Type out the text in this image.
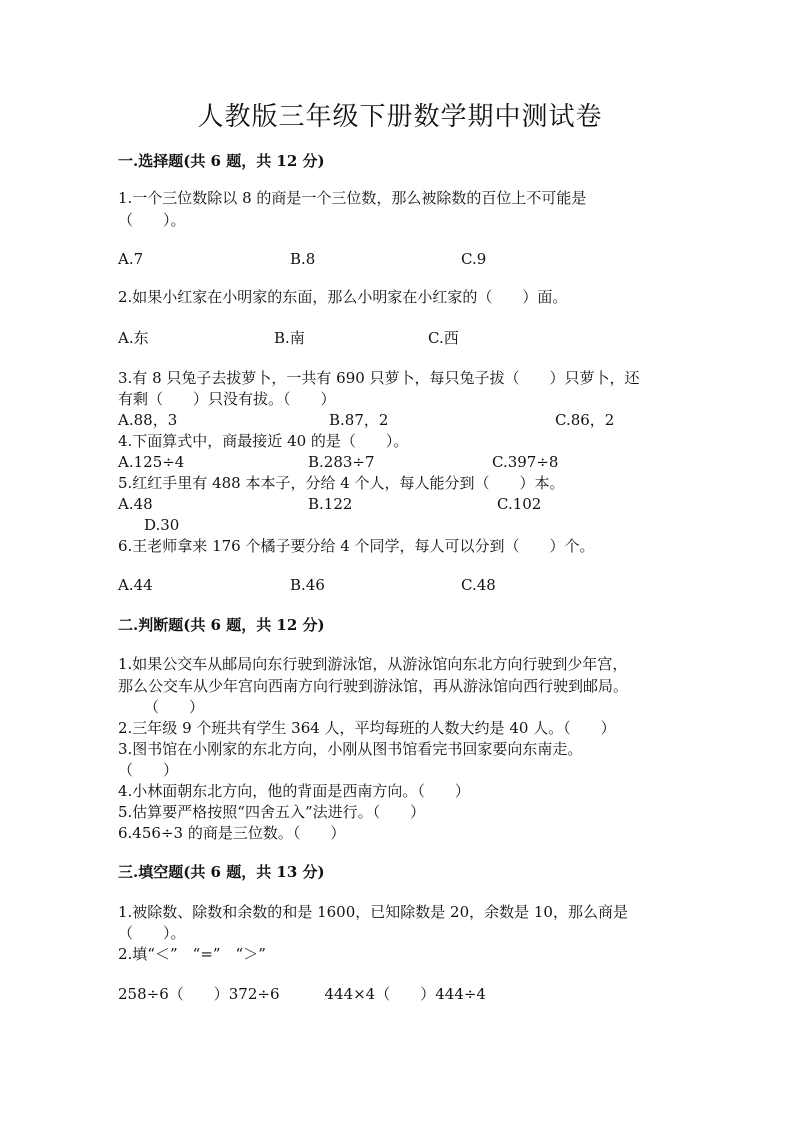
人教版三年级下册数学期中测试卷
一.选择题(共 6 题，共 12 分)
1.一个三位数除以 8 的商是一个三位数，那么被除数的百位上不可能是
（　　）。
A.7	B.8	C.9
2.如果小红家在小明家的东面，那么小明家在小红家的（　　）面。
A.东	B.南	C.西
3.有 8 只兔子去拔萝卜，一共有 690 只萝卜，每只兔子拔（　　）只萝卜，还
有剩（　　）只没有拔。（　　）
A.88，3	B.87，2	C.86，2
4.下面算式中，商最接近 40 的是（　　）。
A.125÷4	B.283÷7	C.397÷8
5.红红手里有 488 本本子，分给 4 个人，每人能分到（　　）本。
A.48	B.122	C.102
D.30
6.王老师拿来 176 个橘子要分给 4 个同学，每人可以分到（　　）个。
A.44	B.46	C.48
二.判断题(共 6 题，共 12 分)
1.如果公交车从邮局向东行驶到游泳馆，从游泳馆向东北方向行驶到少年宫，
那么公交车从少年宫向西南方向行驶到游泳馆，再从游泳馆向西行驶到邮局。
（　　）
2.三年级 9 个班共有学生 364 人，平均每班的人数大约是 40 人。（　　）
3.图书馆在小刚家的东北方向，小刚从图书馆看完书回家要向东南走。
（　　）
4.小林面朝东北方向，他的背面是西南方向。（　　）
5.估算要严格按照“四舍五入”法进行。（　　）
6.456÷3 的商是三位数。（　　）
三.填空题(共 6 题，共 13 分)
1.被除数、除数和余数的和是 1600，已知除数是 20，余数是 10，那么商是
（　　）。
2.填“＜”　“=”　“＞”
258÷6（　　）372÷6　　　444×4（　　）444÷4
